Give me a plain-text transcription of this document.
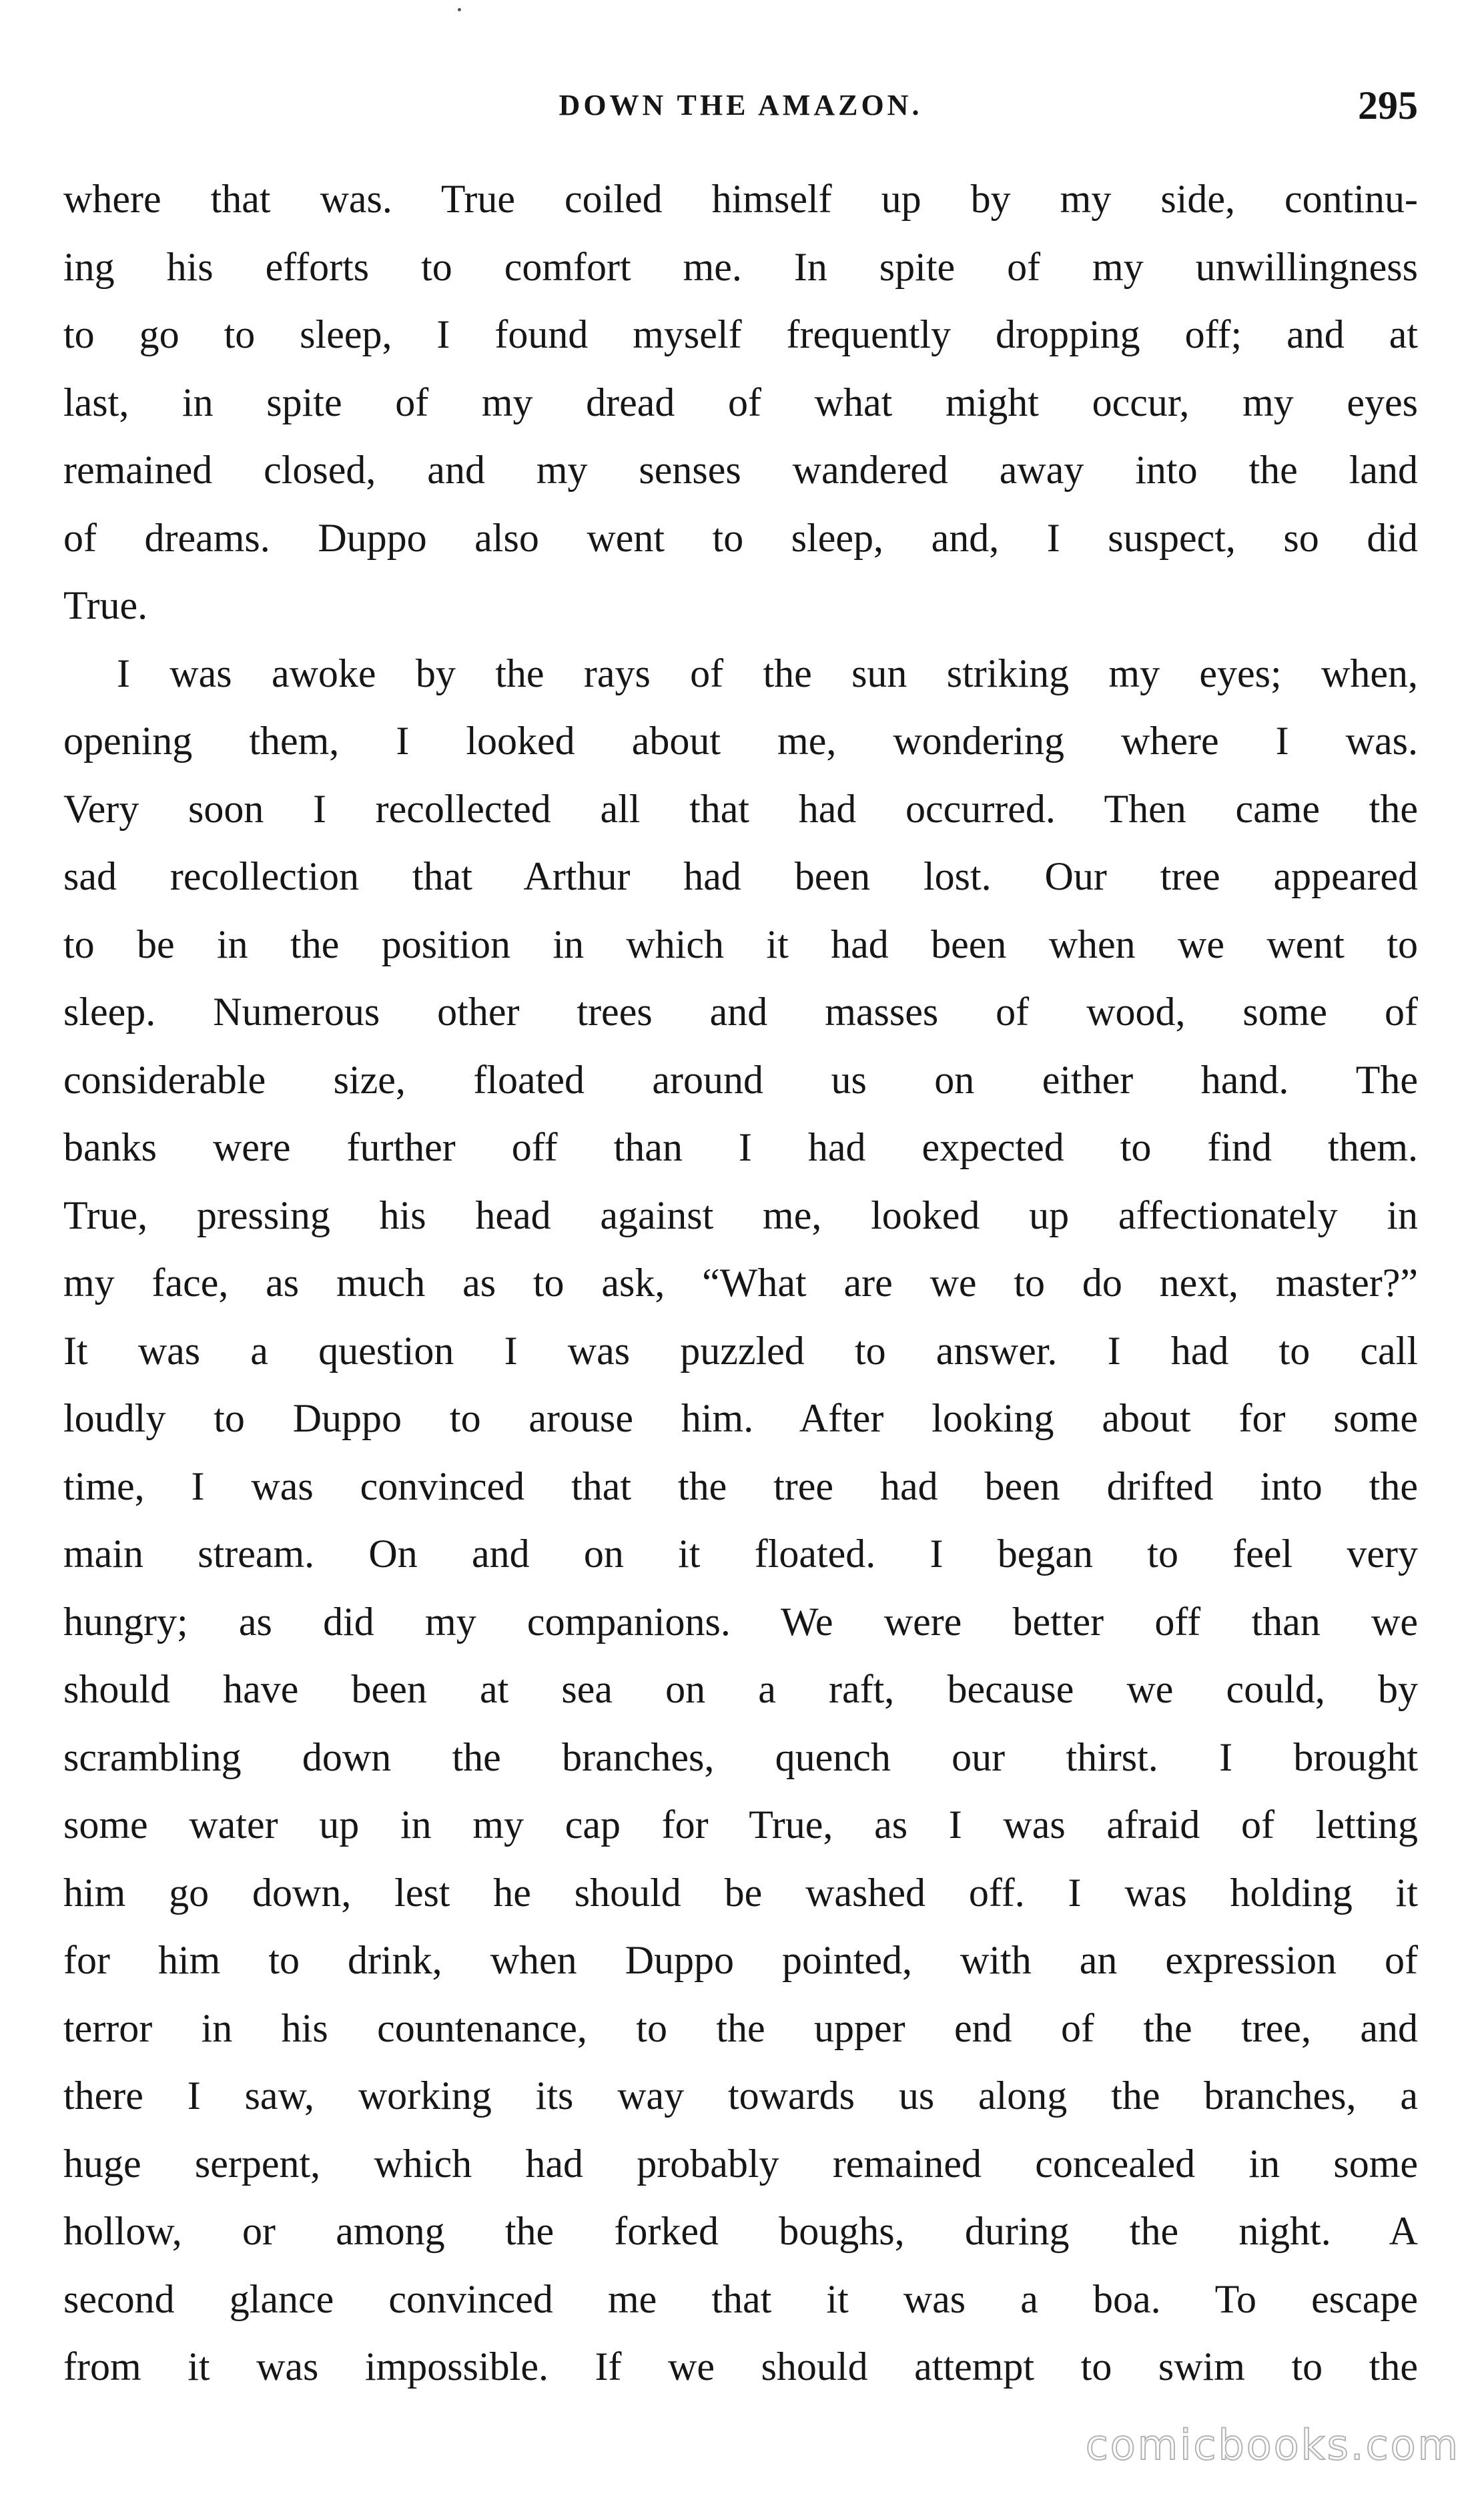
DOWN THE AMAZON.	295
where that was. True coiled himself up by my side, continu-
ing his efforts to comfort me. In spite of my unwillingness
to go to sleep, I found myself frequently dropping off; and at
last, in spite of my dread of what might occur, my eyes
remained closed, and my senses wandered away into the land
of dreams. Duppo also went to sleep, and, I suspect, so did
True.
I was awoke by the rays of the sun striking my eyes; when,
opening them, I looked about me, wondering where I was.
Very soon I recollected all that had occurred. Then came the
sad recollection that Arthur had been lost. Our tree appeared
to be in the position in which it had been when we went to
sleep. Numerous other trees and masses of wood, some of
considerable size, floated around us on either hand. The
banks were further off than I had expected to find them.
True, pressing his head against me, looked up affectionately in
my face, as much as to ask, “What are we to do next, master?”
It was a question I was puzzled to answer. I had to call
loudly to Duppo to arouse him. After looking about for some
time, I was convinced that the tree had been drifted into the
main stream. On and on it floated. I began to feel very
hungry; as did my companions. We were better off than we
should have been at sea on a raft, because we could, by
scrambling down the branches, quench our thirst. I brought
some water up in my cap for True, as I was afraid of letting
him go down, lest he should be washed off. I was holding it
for him to drink, when Duppo pointed, with an expression of
terror in his countenance, to the upper end of the tree, and
there I saw, working its way towards us along the branches, a
huge serpent, which had probably remained concealed in some
hollow, or among the forked boughs, during the night. A
second glance convinced me that it was a boa. To escape
from it was impossible. If we should attempt to swim to the
comicbooks.com
